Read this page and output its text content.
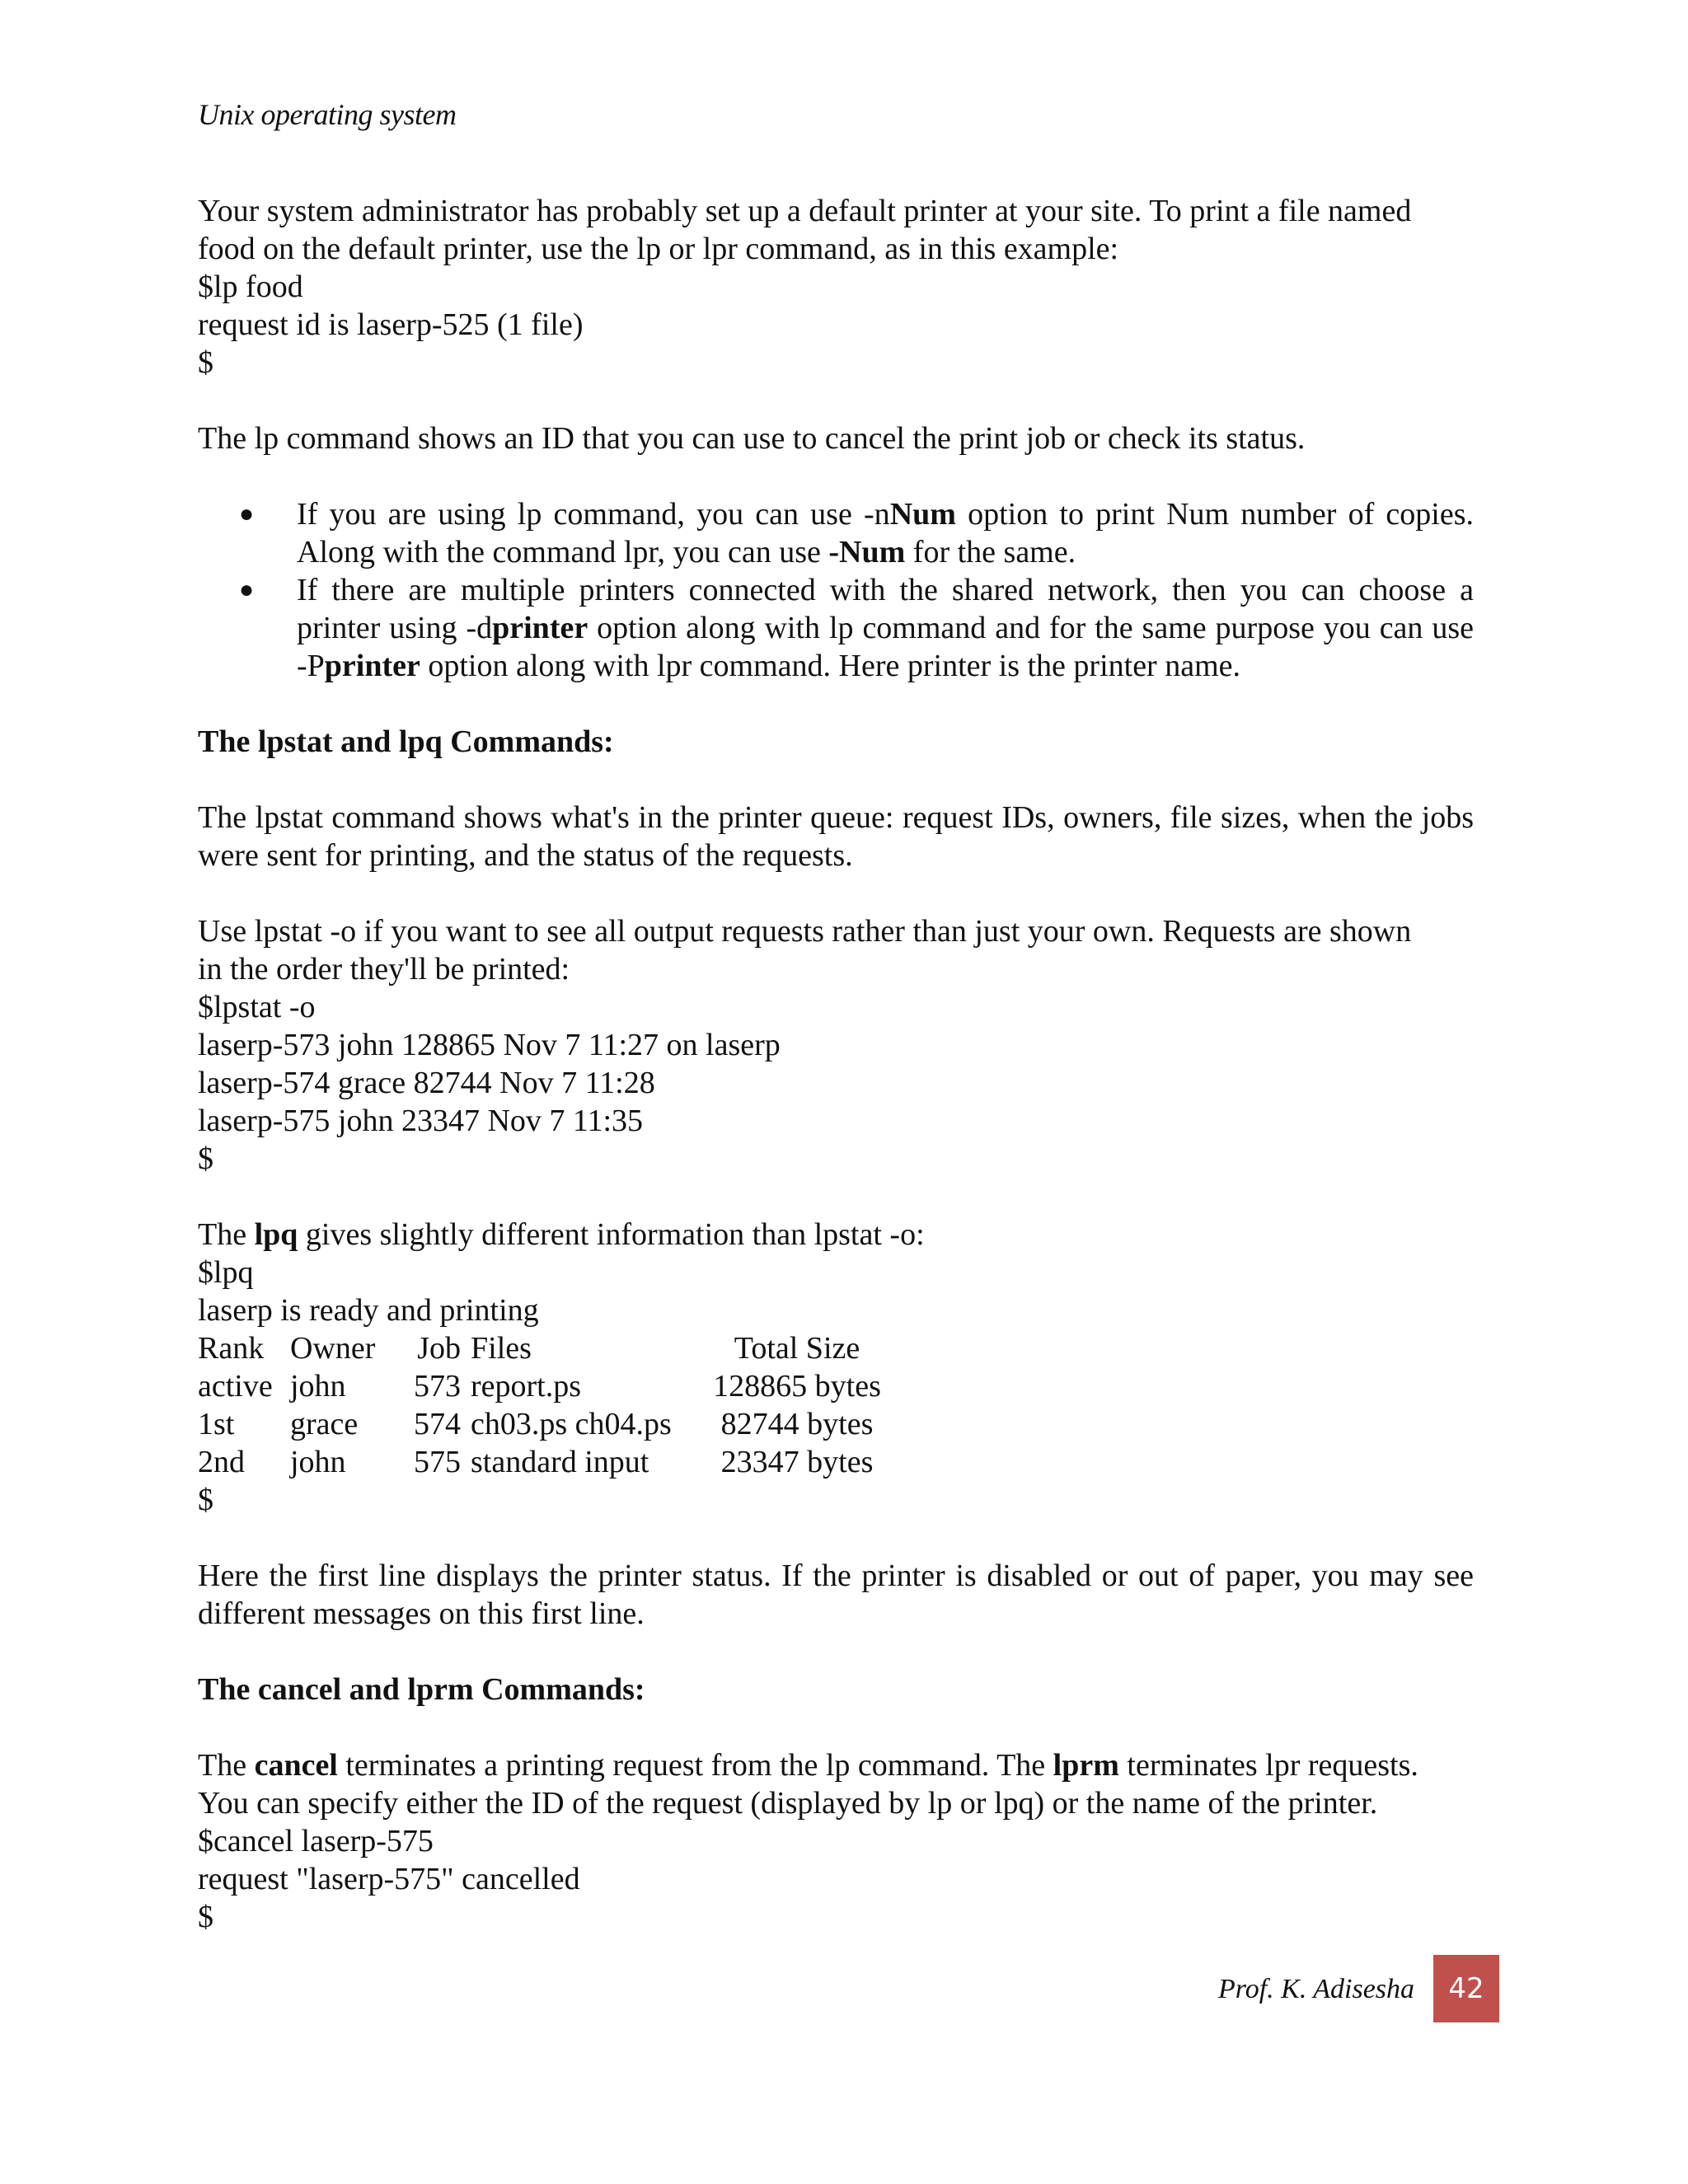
Unix operating system

Your system administrator has probably set up a default printer at your site. To print a file named

food on the default printer, use the lp or lpr command, as in this example:

$lp food

request id is laserp-525 (1 file)

$

The lp command shows an ID that you can use to cancel the print job or check its status.

● If you are using lp command, you can use -nNum option to print Num number of copies. Along with the command lpr, you can use -Num for the same.
● If there are multiple printers connected with the shared network, then you can choose a printer using -dprinter option along with lp command and for the same purpose you can use -Pprinter option along with lpr command. Here printer is the printer name.

The lpstat and lpq Commands:

The lpstat command shows what's in the printer queue: request IDs, owners, file sizes, when the jobs were sent for printing, and the status of the requests.

Use lpstat -o if you want to see all output requests rather than just your own. Requests are shown

in the order they'll be printed:

$lpstat -o

laserp-573 john 128865 Nov 7 11:27 on laserp

laserp-574 grace 82744 Nov 7 11:28

laserp-575 john 23347 Nov 7 11:35

$

The lpq gives slightly different information than lpstat -o:

$lpq

laserp is ready and printing

Rank	Owner	Job	Files	Total Size
active	john	573	report.ps	128865 bytes
1st	grace	574	ch03.ps ch04.ps	82744 bytes
2nd	john	575	standard input	23347 bytes

$

Here the first line displays the printer status. If the printer is disabled or out of paper, you may see different messages on this first line.

The cancel and lprm Commands:

The cancel terminates a printing request from the lp command. The lprm terminates lpr requests. You can specify either the ID of the request (displayed by lp or lpq) or the name of the printer.

$cancel laserp-575

request "laserp-575" cancelled

$

Prof. K. Adisesha	42
